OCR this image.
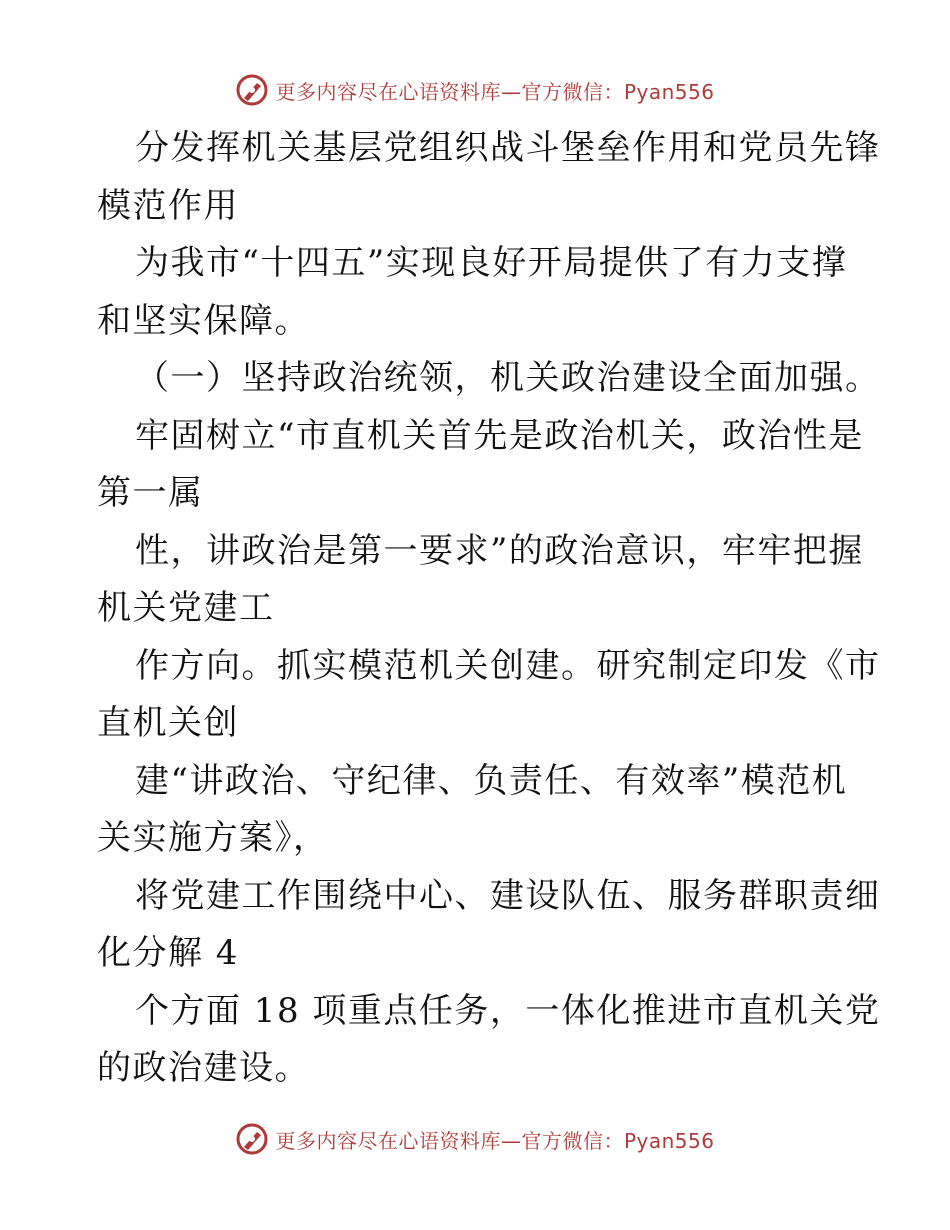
更多内容尽在心语资料库—官方微信：Pyan556
分发挥机关基层党组织战斗堡垒作用和党员先锋
模范作用
为我市“十四五”实现良好开局提供了有力支撑
和坚实保障。
（一）坚持政治统领，机关政治建设全面加强。
牢固树立“市直机关首先是政治机关，政治性是
第一属
性，讲政治是第一要求”的政治意识，牢牢把握
机关党建工
作方向。抓实模范机关创建。研究制定印发《市
直机关创
建“讲政治、守纪律、负责任、有效率”模范机
关实施方案》，
将党建工作围绕中心、建设队伍、服务群职责细
化分解 4
个方面 18 项重点任务，一体化推进市直机关党
的政治建设。
更多内容尽在心语资料库—官方微信：Pyan556
